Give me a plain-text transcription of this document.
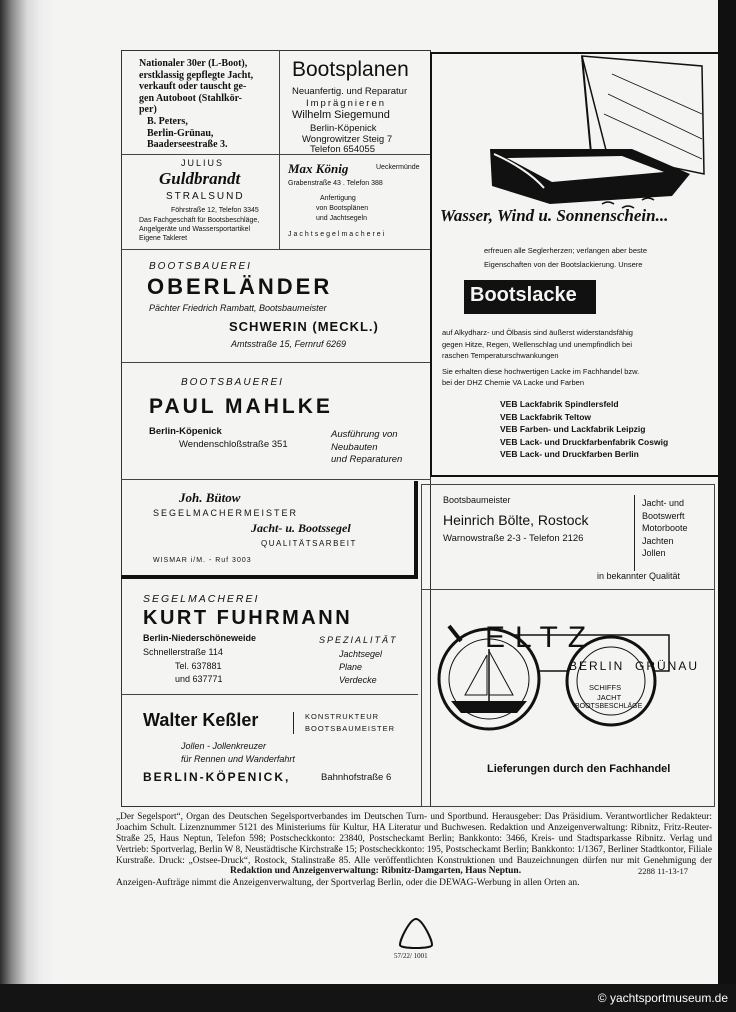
Nationaler 30er (L-Boot),
erstklassig gepflegte Jacht,
verkauft oder tauscht ge-
gen Autoboot (Stahlkör-
per)
B. Peters,
Berlin-Grünau,
Baaderseestraße 3.
Bootsplanen
Neuanfertig. und Reparatur
Imprägnieren
Wilhelm Siegemund
Berlin-Köpenick
Wongrowitzer Steig 7
Telefon 654055
JULIUS
Guldbrandt
STRALSUND
Föhrstraße 12, Telefon 3345
Das Fachgeschäft für Bootsbeschläge,
Angelgeräte und Wassersportartikel
Eigene Takleret
Max König	Ueckermünde
Grabenstraße 43 . Telefon 388
Anfertigung
von Bootsplänen
und Jachtsegeln
Jachtsegelmacherei
BOOTSBAUEREI
OBERLÄNDER
Pächter Friedrich Rambatt, Bootsbaumeister
SCHWERIN (MECKL.)
Amtsstraße 15, Fernruf 6269
BOOTSBAUEREI
PAUL MAHLKE
Berlin-Köpenick
Wendenschloßstraße 351
Ausführung von
Neubauten
und Reparaturen
Joh. Bütow
SEGELMACHERMEISTER
Jacht- u. Bootssegel
QUALITÄTSARBEIT
WISMAR i/M. - Ruf 3003
SEGELMACHEREI
KURT FUHRMANN
Berlin-Niederschöneweide
Schnellerstraße 114
Tel. 637881
und 637771
SPEZIALITÄT
Jachtsegel
Plane
Verdecke
Walter Keßler	KONSTRUKTEUR
BOOTSBAUMEISTER
Jollen - Jollenkreuzer
für Rennen und Wanderfahrt
BERLIN-KÖPENICK,	Bahnhofstraße 6
Wasser, Wind u. Sonnenschein...
erfreuen alle Seglerherzen; verlangen aber beste
Eigenschaften von der Bootslackierung. Unsere
Bootslacke
auf Alkydharz- und Ölbasis sind äußerst widerstandsfähig
gegen Hitze, Regen, Wellenschlag und unempfindlich bei
raschen Temperaturschwankungen
Sie erhalten diese hochwertigen Lacke im Fachhandel bzw.
bei der DHZ Chemie VA Lacke und Farben
VEB Lackfabrik Spindlersfeld
VEB Lackfabrik Teltow
VEB Farben- und Lackfabrik Leipzig
VEB Lack- und Druckfarbenfabrik Coswig
VEB Lack- und Druckfarben Berlin
Bootsbaumeister
Heinrich Bölte, Rostock
Warnowstraße 2-3 - Telefon 2126
Jacht- und
Bootswerft
Motorboote
Jachten
Jollen
in bekannter Qualität
ELTZ
BERLIN GRÜNAU
SCHIFFS
JACHT
BOOTSBESCHLÄGE
Lieferungen durch den Fachhandel
„Der Segelsport“, Organ des Deutschen Segelsportverbandes im Deutschen Turn- und Sportbund. Herausgeber: Das Präsidium. Verantwortlicher Redakteur: Joachim Schult. Lizenznummer 5121 des Ministeriums für Kultur, HA Literatur und Buchwesen. Redaktion und Anzeigenverwaltung: Ribnitz, Fritz-Reuter-Straße 25, Haus Neptun, Telefon 598; Postscheckkonto: 23840, Postscheckamt Berlin; Bankkonto: 3466, Kreis- und Stadtsparkasse Ribnitz. Verlag und Vertrieb: Sportverlag, Berlin W 8, Neustädtische Kirchstraße 15; Postscheckkonto: 195, Postscheckamt Berlin; Bankkonto: 1/1367, Berliner Stadtkontor, Filiale Kurstraße. Druck: „Ostsee-Druck“, Rostock, Stalinstraße 85. Alle veröffentlichten Konstruktionen und Bauzeichnungen dürfen nur mit Genehmigung der
Redaktion und Anzeigenverwaltung: Ribnitz-Damgarten, Haus Neptun.	2288 11-13-17
Anzeigen-Aufträge nimmt die Anzeigenverwaltung, der Sportverlag Berlin, oder die DEWAG-Werbung in allen Orten an.
57/22/ 1001
© yachtsportmuseum.de
